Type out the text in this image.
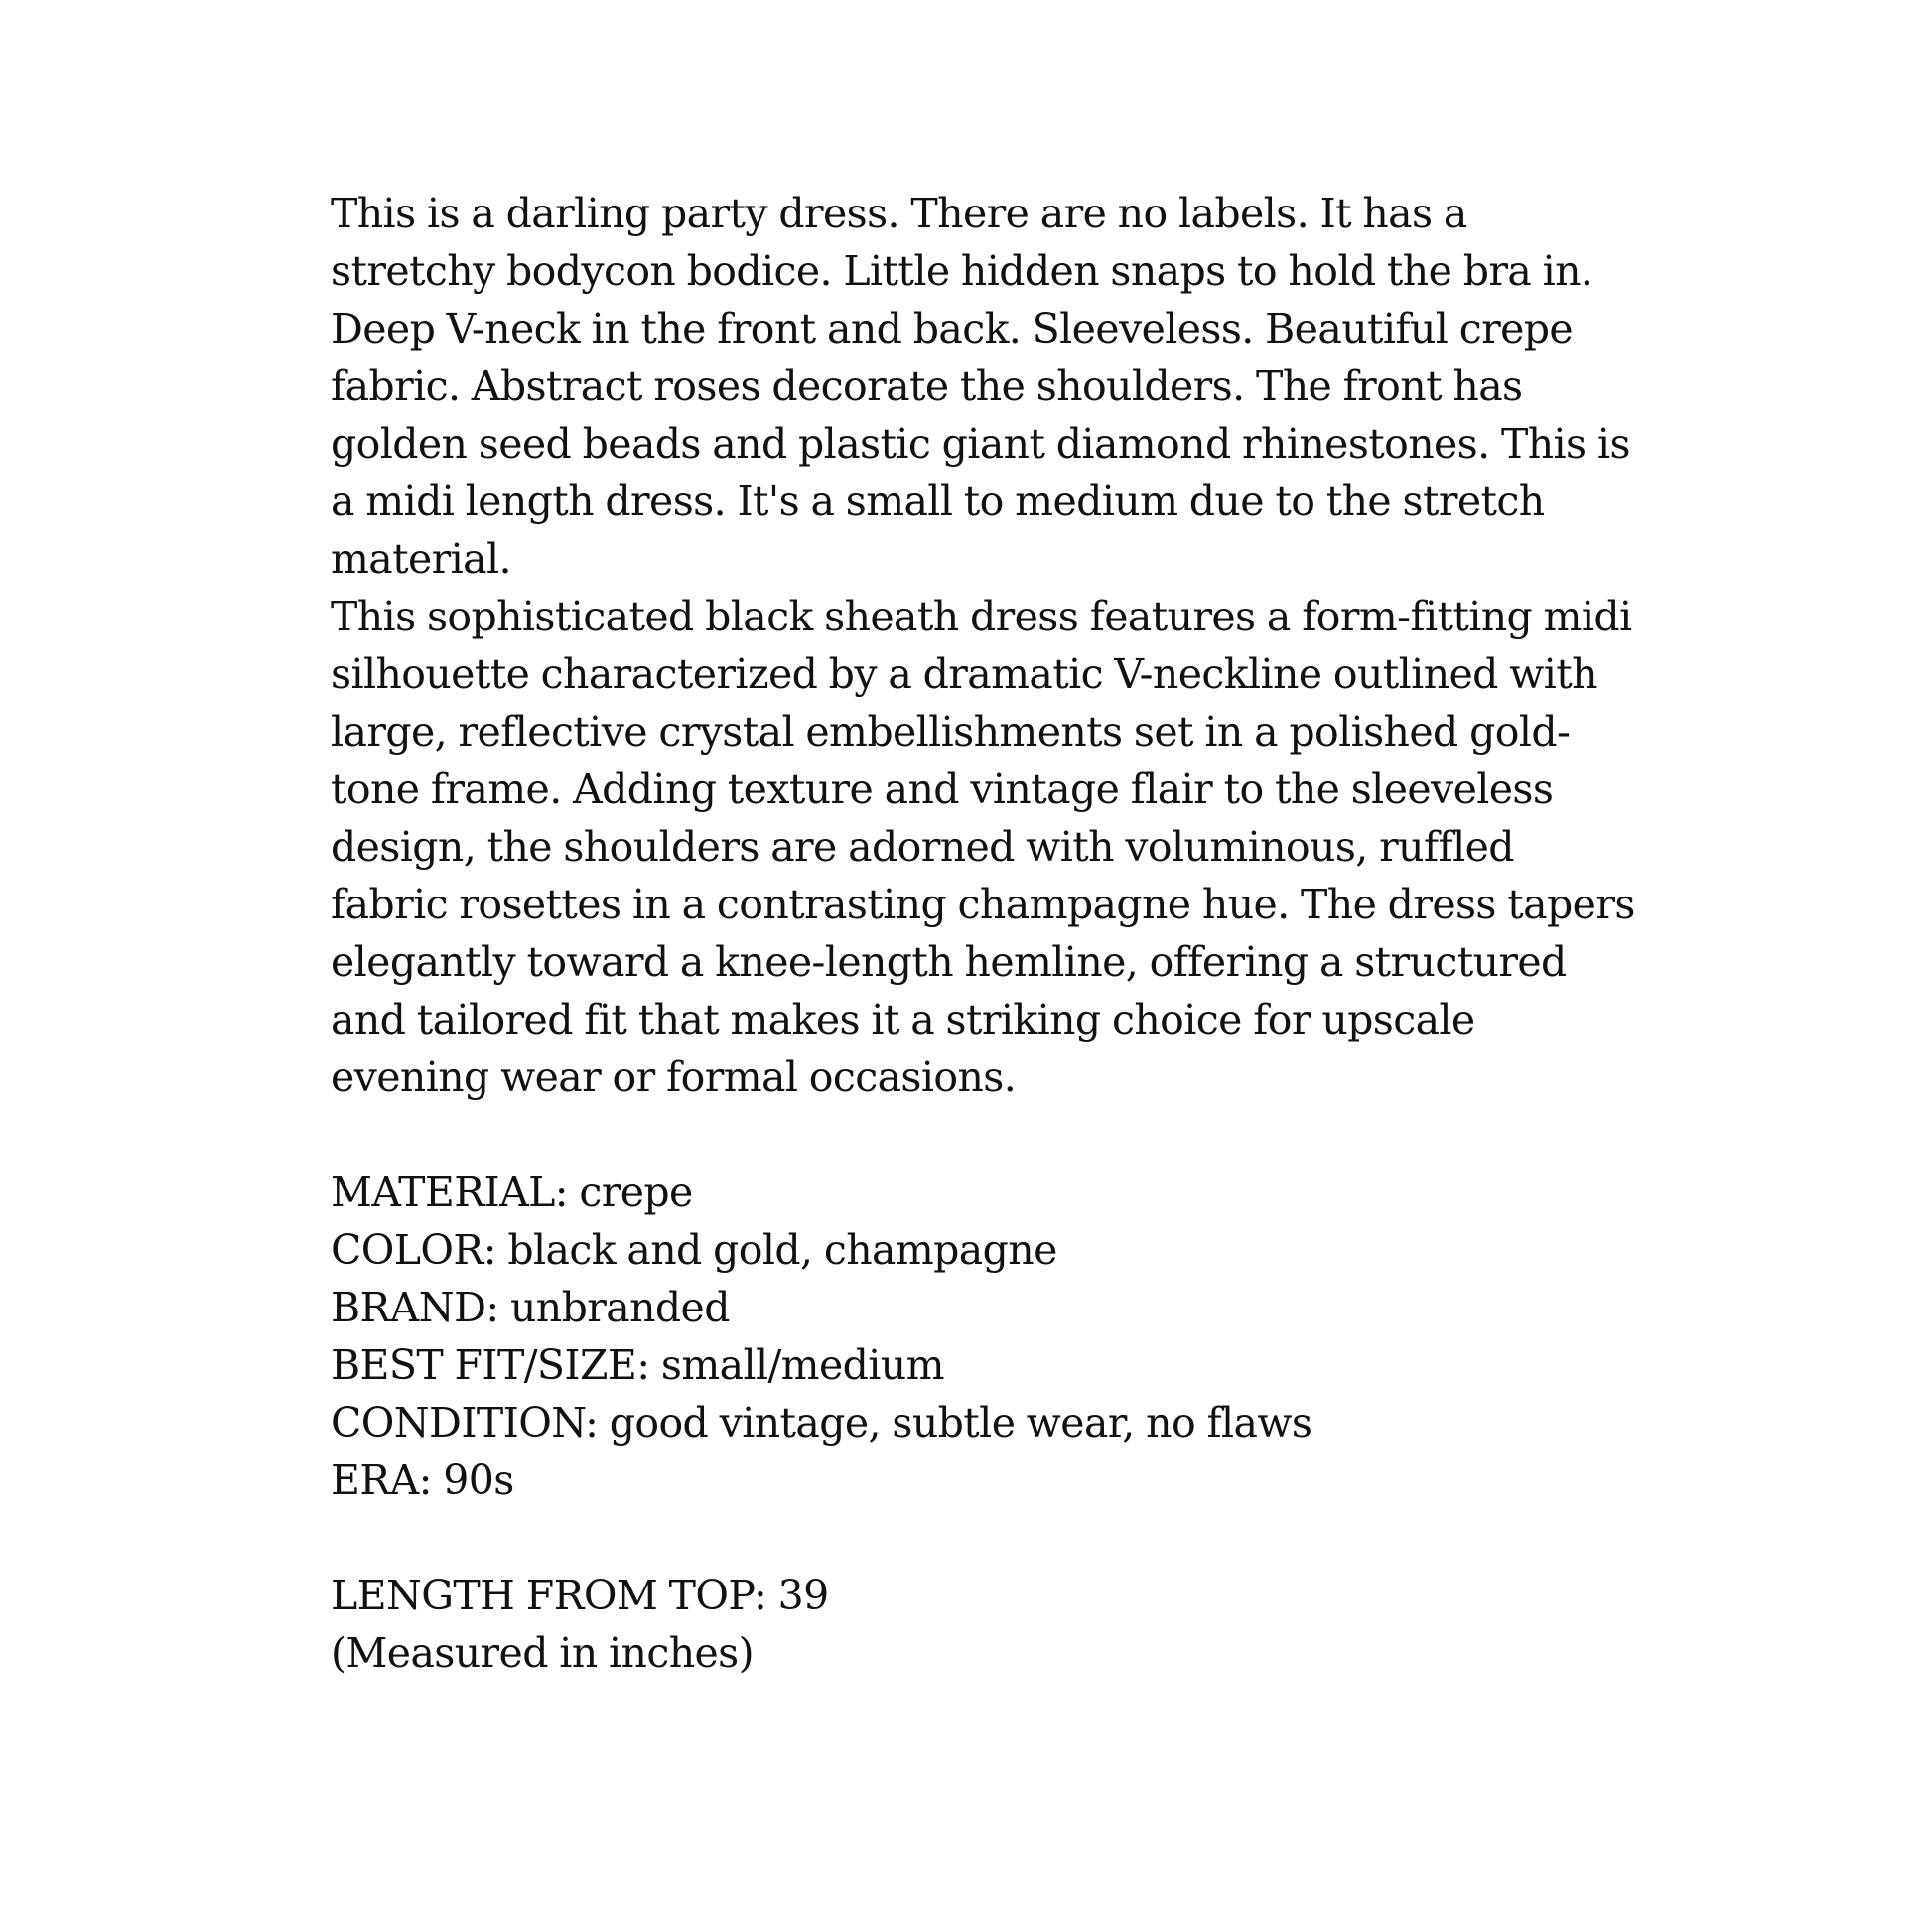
This is a darling party dress. There are no labels. It has a stretchy bodycon bodice. Little hidden snaps to hold the bra in. Deep V-neck in the front and back. Sleeveless. Beautiful crepe fabric. Abstract roses decorate the shoulders. The front has golden seed beads and plastic giant diamond rhinestones. This is a midi length dress. It's a small to medium due to the stretch material.

This sophisticated black sheath dress features a form-fitting midi silhouette characterized by a dramatic V-neckline outlined with large, reflective crystal embellishments set in a polished gold-tone frame. Adding texture and vintage flair to the sleeveless design, the shoulders are adorned with voluminous, ruffled fabric rosettes in a contrasting champagne hue. The dress tapers elegantly toward a knee-length hemline, offering a structured and tailored fit that makes it a striking choice for upscale evening wear or formal occasions.

MATERIAL: crepe
COLOR: black and gold, champagne
BRAND: unbranded
BEST FIT/SIZE: small/medium
CONDITION: good vintage, subtle wear, no flaws
ERA: 90s
LENGTH FROM TOP: 39
(Measured in inches)
